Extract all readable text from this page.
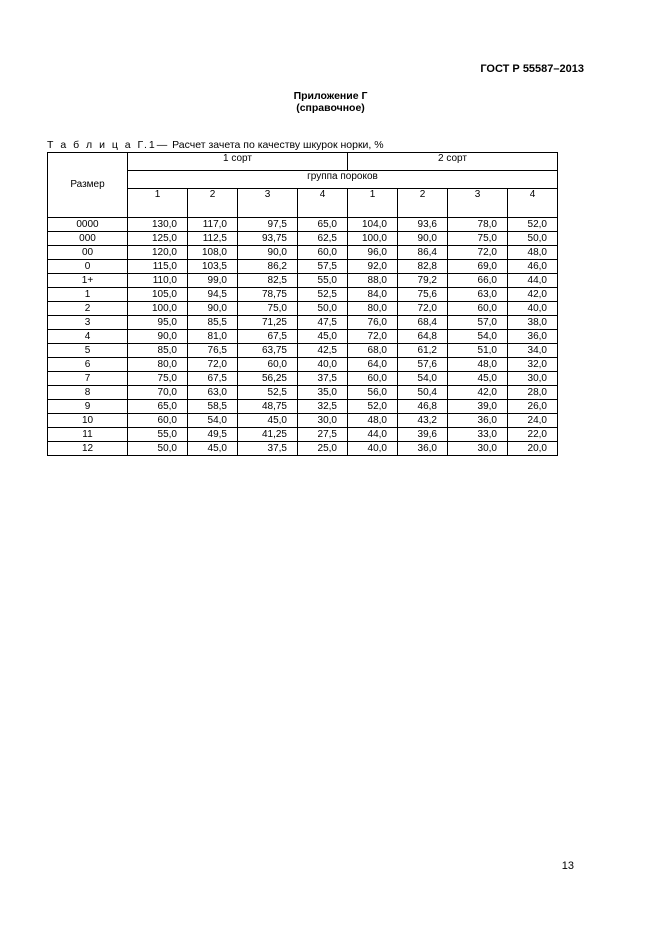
ГОСТ Р 55587–2013
Приложение Г
(справочное)
Т а б л и ц а Г.1— Расчет зачета по качеству шкурок норки, %
Размер	1 сорт				2 сорт			
	группа пороков							
	1	2	3	4	1	2	3	4
0000	130,0	117,0	97,5	65,0	104,0	93,6	78,0	52,0
000	125,0	112,5	93,75	62,5	100,0	90,0	75,0	50,0
00	120,0	108,0	90,0	60,0	96,0	86,4	72,0	48,0
0	115,0	103,5	86,2	57,5	92,0	82,8	69,0	46,0
1+	110,0	99,0	82,5	55,0	88,0	79,2	66,0	44,0
1	105,0	94,5	78,75	52,5	84,0	75,6	63,0	42,0
2	100,0	90,0	75,0	50,0	80,0	72,0	60,0	40,0
3	95,0	85,5	71,25	47,5	76,0	68,4	57,0	38,0
4	90,0	81,0	67,5	45,0	72,0	64,8	54,0	36,0
5	85,0	76,5	63,75	42,5	68,0	61,2	51,0	34,0
6	80,0	72,0	60,0	40,0	64,0	57,6	48,0	32,0
7	75,0	67,5	56,25	37,5	60,0	54,0	45,0	30,0
8	70,0	63,0	52,5	35,0	56,0	50,4	42,0	28,0
9	65,0	58,5	48,75	32,5	52,0	46,8	39,0	26,0
10	60,0	54,0	45,0	30,0	48,0	43,2	36,0	24,0
11	55,0	49,5	41,25	27,5	44,0	39,6	33,0	22,0
12	50,0	45,0	37,5	25,0	40,0	36,0	30,0	20,0
13
